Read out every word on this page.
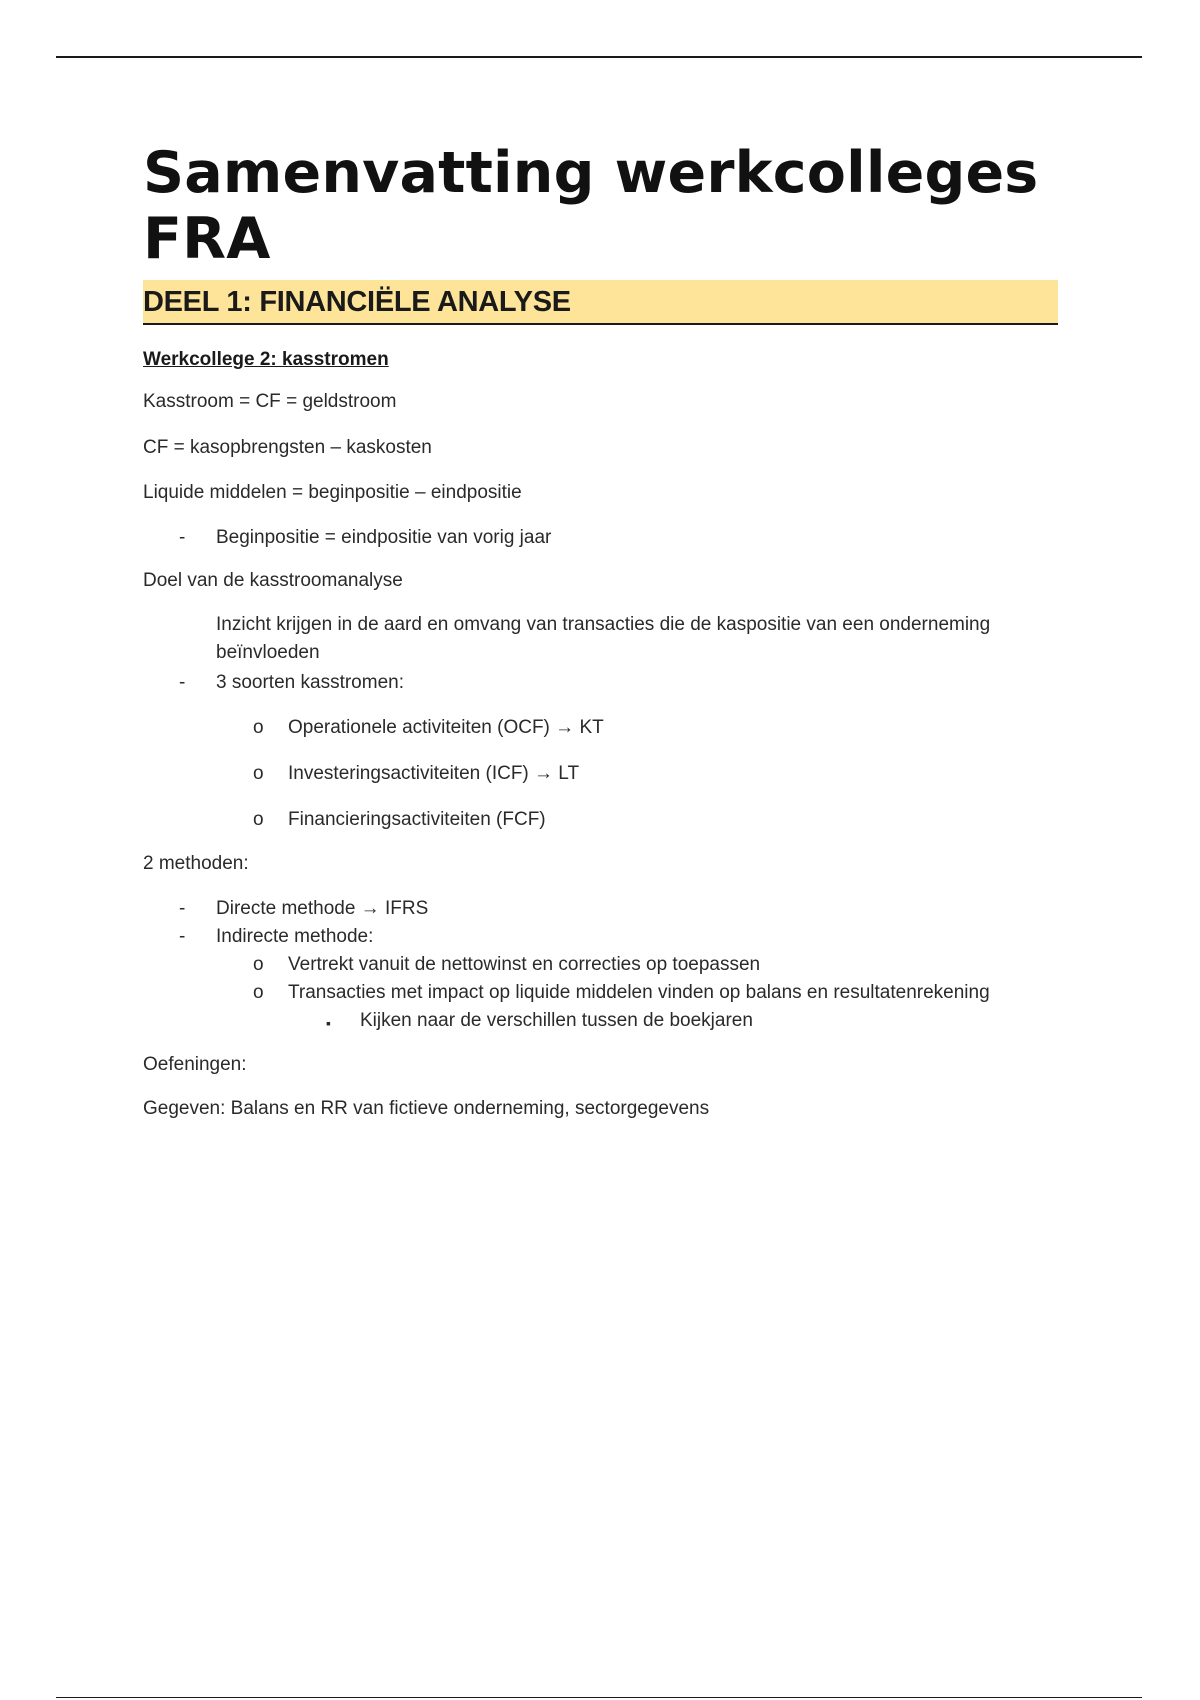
Samenvatting werkcolleges
FRA
DEEL 1: FINANCIËLE ANALYSE
Werkcollege 2: kasstromen
Kasstroom = CF = geldstroom
CF = kasopbrengsten – kaskosten
Liquide middelen = beginpositie – eindpositie
- Beginpositie = eindpositie van vorig jaar
Doel van de kasstroomanalyse
Inzicht krijgen in de aard en omvang van transacties die de kaspositie van een onderneming beïnvloeden
- 3 soorten kasstromen:
o Operationele activiteiten (OCF) → KT
o Investeringsactiviteiten (ICF) → LT
o Financieringsactiviteiten (FCF)
2 methoden:
- Directe methode → IFRS
- Indirecte methode:
o Vertrekt vanuit de nettowinst en correcties op toepassen
o Transacties met impact op liquide middelen vinden op balans en resultatenrekening
▪ Kijken naar de verschillen tussen de boekjaren
Oefeningen:
Gegeven: Balans en RR van fictieve onderneming, sectorgegevens
